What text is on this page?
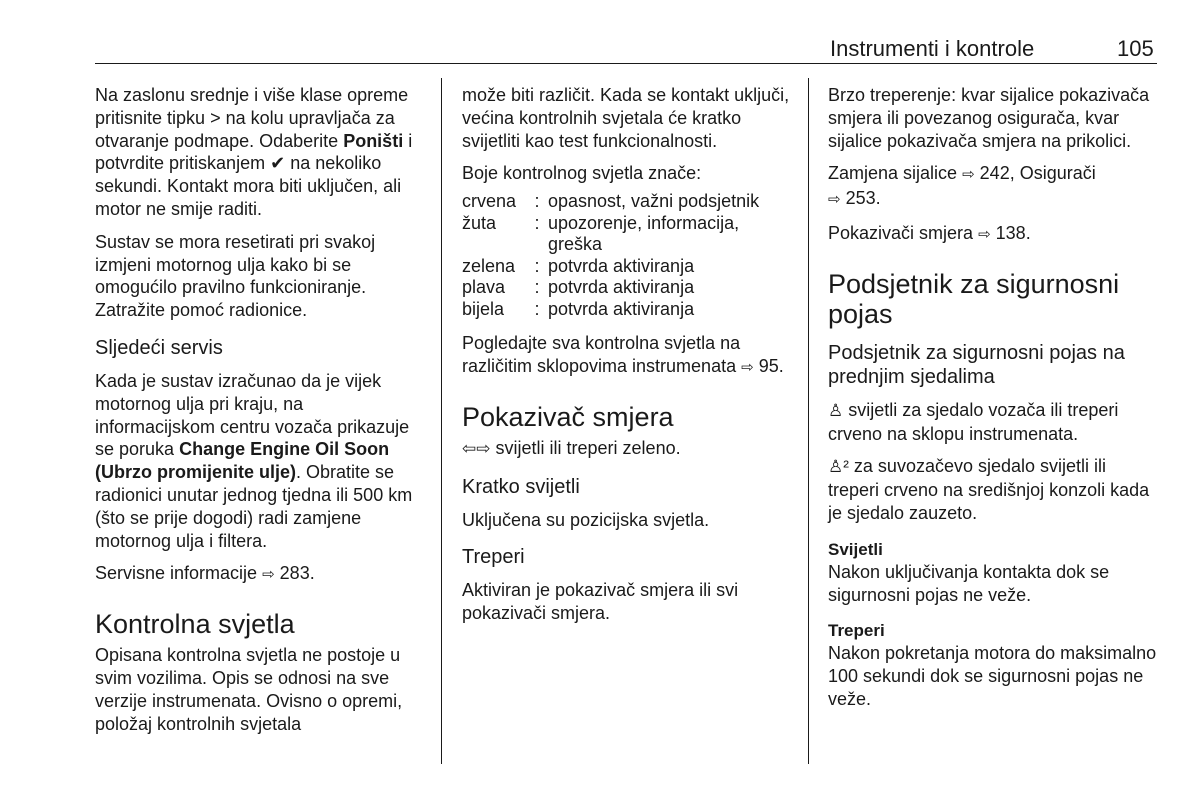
Instrumenti i kontrole	105

Na zaslonu srednje i više klase opreme pritisnite tipku > na kolu upravljača za otvaranje podmape. Odaberite Poništi i potvrdite pritiskanjem ✔ na nekoliko sekundi. Kontakt mora biti uključen, ali motor ne smije raditi.

Sustav se mora resetirati pri svakoj izmjeni motornog ulja kako bi se omogućilo pravilno funkcioniranje. Zatražite pomoć radionice.

Sljedeći servis

Kada je sustav izračunao da je vijek motornog ulja pri kraju, na informacijskom centru vozača prikazuje se poruka Change Engine Oil Soon (Ubrzo promijenite ulje). Obratite se radionici unutar jednog tjedna ili 500 km (što se prije dogodi) radi zamjene motornog ulja i filtera.

Servisne informacije ⇨ 283.

Kontrolna svjetla

Opisana kontrolna svjetla ne postoje u svim vozilima. Opis se odnosi na sve verzije instrumenata. Ovisno o opremi, položaj kontrolnih svjetala

može biti različit. Kada se kontakt uključi, većina kontrolnih svjetala će kratko svijetliti kao test funkcionalnosti.

Boje kontrolnog svjetla znače:

crvena	:	opasnost, važni podsjetnik
žuta	:	upozorenje, informacija, greška
zelena	:	potvrda aktiviranja
plava	:	potvrda aktiviranja
bijela	:	potvrda aktiviranja

Pogledajte sva kontrolna svjetla na različitim sklopovima instrumenata ⇨ 95.

Pokazivač smjera

⇦⇨ svijetli ili treperi zeleno.

Kratko svijetli

Uključena su pozicijska svjetla.

Treperi

Aktiviran je pokazivač smjera ili svi pokazivači smjera.

Brzo treperenje: kvar sijalice pokazivača smjera ili povezanog osigurača, kvar sijalice pokazivača smjera na prikolici.

Zamjena sijalice ⇨ 242, Osigurači
⇨ 253.

Pokazivači smjera ⇨ 138.

Podsjetnik za sigurnosni pojas
Podsjetnik za sigurnosni pojas na prednjim sjedalima

♙ svijetli za sjedalo vozača ili treperi crveno na sklopu instrumenata.

♙² za suvozačevo sjedalo svijetli ili treperi crveno na središnjoj konzoli kada je sjedalo zauzeto.

Svijetli

Nakon uključivanja kontakta dok se sigurnosni pojas ne veže.

Treperi

Nakon pokretanja motora do maksimalno 100 sekundi dok se sigurnosni pojas ne veže.
